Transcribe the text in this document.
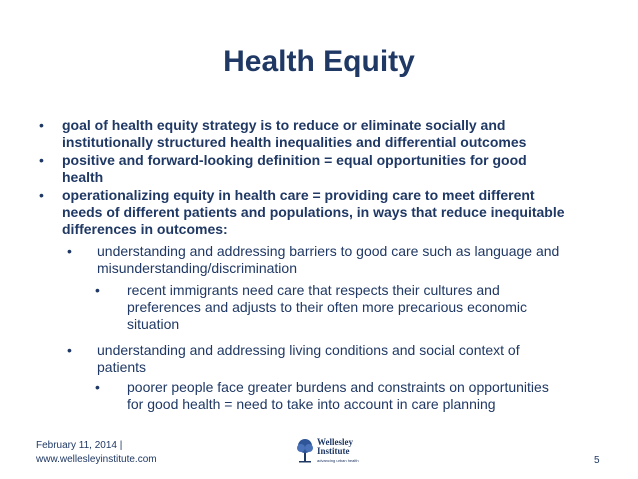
Health Equity
• goal of health equity strategy is to reduce or eliminate socially and
institutionally structured health inequalities and differential outcomes
• positive and forward-looking definition = equal opportunities for good
health
• operationalizing equity in health care = providing care to meet different
needs of different patients and populations, in ways that reduce inequitable
differences in outcomes:
• understanding and addressing barriers to good care such as language and
misunderstanding/discrimination
• recent immigrants need care that respects their cultures and
preferences and adjusts to their often more precarious economic
situation
• understanding and addressing living conditions and social context of
patients
• poorer people face greater burdens and constraints on opportunities
for good health = need to take into account in care planning
February 11, 2014 |
www.wellesleyinstitute.com
Wellesley
Institute
advancing urban health	5
